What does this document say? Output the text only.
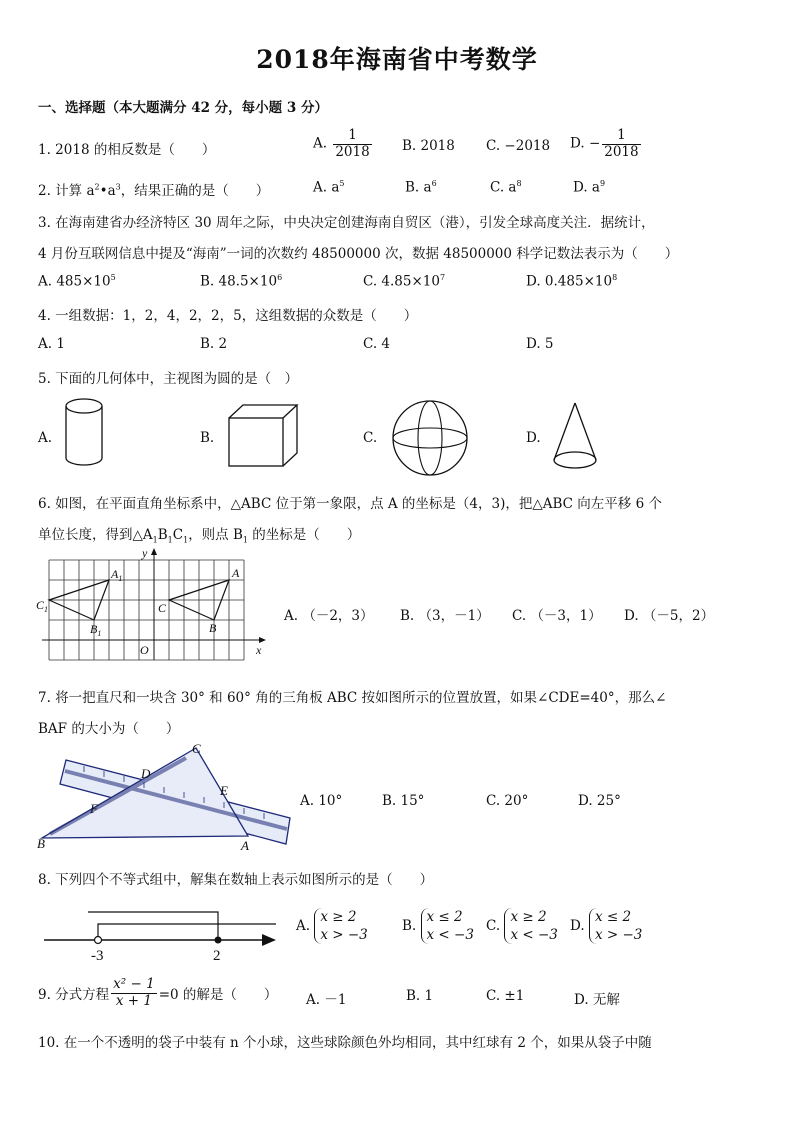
2018年海南省中考数学
一、选择题（本大题满分 42 分，每小题 3 分）
1. 2018 的相反数是（　　）	A. $\frac{1}{2018} B$. 2018 C. −2018 D. − $\frac{1}{2018}$
2. 计算 $a^2•a^3$，结果正确的是（　　）	A. $a^5$	B. $a^6$	C. $a^8$	D. $a^9$
3. 在海南建省办经济特区 30 周年之际，中央决定创建海南自贸区（港），引发全球高度关注．据统计，
4 月份互联网信息中提及“海南”一词的次数约 48500000 次，数据 48500000 科学记数法表示为（　　）
A. $485\times 10^5$	B. $48.5\times 10^6$	C. $4.85\times 10^7$	D. $0.485\times 10^8$
4. 一组数据：1，2，4，2，2，5，这组数据的众数是（　　）
A. 1	B. 2	C. 4	D. 5
5. 下面的几何体中，主视图为圆的是（　）
A.	B.	C.	D.
6. 如图，在平面直角坐标系中，△ABC 位于第一象限，点 A 的坐标是（4，3)，把△ABC 向左平移 6 个
单位长度，得到$\triangle A_1B_1C_1$，则点 $B_1$ 的坐标是（　　）
y
x
O
A
C
B
$A_1$
$C_1$
$B_1$
A. （－2，3） B. （3，－1） C. （－3，1） D. （－5，2）
7. 将一把直尺和一块含 30° 和 60° 角的三角板 ABC 按如图所示的位置放置，如果∠CDE=40°，那么∠
BAF 的大小为（　　）
C
D
E
F
B	A
A. 10°	B. 15°	C. 20°	D. 25°
8. 下列四个不等式组中，解集在数轴上表示如图所示的是（　　）
-3	2
A. x ≥ 2
x > −3
B. x ≤ 2
x < −3
C. x ≥ 2
x < −3
D. x ≤ 2
x > −3
9. 分式方程 $\frac{\text{x² − 1}}{x + 1} =0$ 的解是（　　） A. －1	B. 1	C. ±1	D. 无解
10. 在一个不透明的袋子中装有 n 个小球，这些球除颜色外均相同，其中红球有 2 个，如果从袋子中随
